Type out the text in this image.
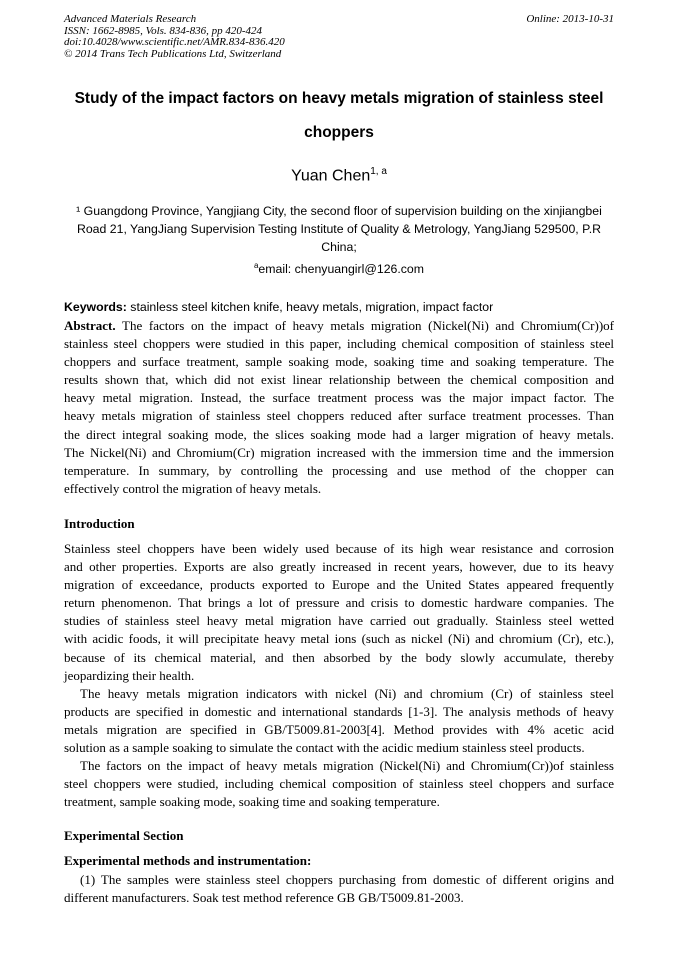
Advanced Materials Research
ISSN: 1662-8985, Vols. 834-836, pp 420-424
doi:10.4028/www.scientific.net/AMR.834-836.420
© 2014 Trans Tech Publications Ltd, Switzerland
Online: 2013-10-31
Study of the impact factors on heavy metals migration of stainless steel
choppers
Yuan Chen$^{1, a}$
¹ Guangdong Province, Yangjiang City, the second floor of supervision building on the xinjiangbei
Road 21, YangJiang Supervision Testing Institute of Quality & Metrology, YangJiang 529500, P.R
China;
$^a$email: chenyuangirl@126.com
Keywords: stainless steel kitchen knife, heavy metals, migration, impact factor
Abstract. The factors on the impact of heavy metals migration (Nickel(Ni) and Chromium(Cr))of
stainless steel choppers were studied in this paper, including chemical composition of stainless steel
choppers and surface treatment, sample soaking mode, soaking time and soaking temperature. The
results shown that, which did not exist linear relationship between the chemical composition and
heavy metal migration. Instead, the surface treatment process was the major impact factor. The
heavy metals migration of stainless steel choppers reduced after surface treatment processes. Than
the direct integral soaking mode, the slices soaking mode had a larger migration of heavy metals.
The Nickel(Ni) and Chromium(Cr) migration increased with the immersion time and the immersion
temperature. In summary, by controlling the processing and use method of the chopper can
effectively control the migration of heavy metals.
Introduction
Stainless steel choppers have been widely used because of its high wear resistance and corrosion
and other properties. Exports are also greatly increased in recent years, however, due to its heavy
migration of exceedance, products exported to Europe and the United States appeared frequently
return phenomenon. That brings a lot of pressure and crisis to domestic hardware companies. The
studies of stainless steel heavy metal migration have carried out gradually. Stainless steel wetted
with acidic foods, it will precipitate heavy metal ions (such as nickel (Ni) and chromium (Cr), etc.),
because of its chemical material, and then absorbed by the body slowly accumulate, thereby
jeopardizing their health.
The heavy metals migration indicators with nickel (Ni) and chromium (Cr) of stainless steel
products are specified in domestic and international standards [1-3]. The analysis methods of heavy
metals migration are specified in GB/T5009.81-2003[4]. Method provides with 4% acetic acid
solution as a sample soaking to simulate the contact with the acidic medium stainless steel products.
The factors on the impact of heavy metals migration (Nickel(Ni) and Chromium(Cr))of stainless
steel choppers were studied, including chemical composition of stainless steel choppers and surface
treatment, sample soaking mode, soaking time and soaking temperature.
Experimental Section
Experimental methods and instrumentation:
(1) The samples were stainless steel choppers purchasing from domestic of different origins and
different manufacturers. Soak test method reference GB GB/T5009.81-2003.
